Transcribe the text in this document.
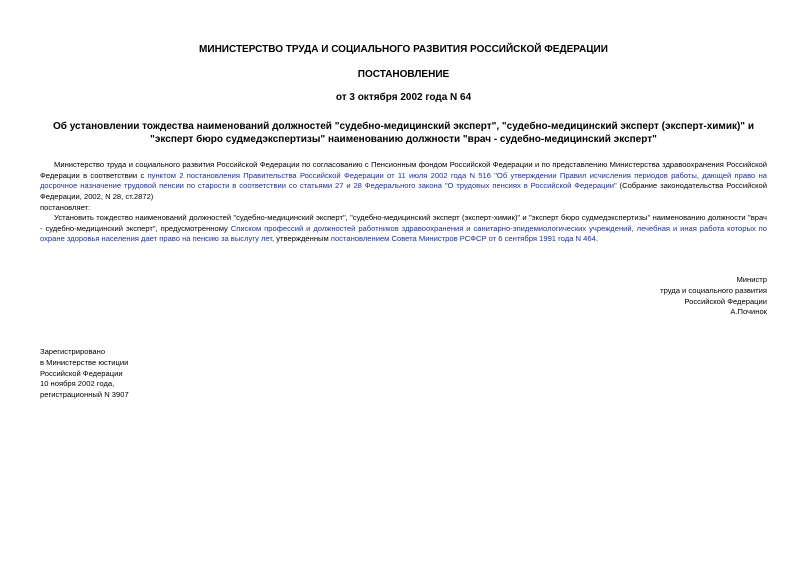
МИНИСТЕРСТВО ТРУДА И СОЦИАЛЬНОГО РАЗВИТИЯ РОССИЙСКОЙ ФЕДЕРАЦИИ
ПОСТАНОВЛЕНИЕ
от 3 октября 2002 года N 64
Об установлении тождества наименований должностей "судебно-медицинский эксперт", "судебно-медицинский эксперт (эксперт-химик)" и "эксперт бюро судмедэкспертизы" наименованию должности "врач - судебно-медицинский эксперт"
Министерство труда и социального развития Российской Федерации по согласованию с Пенсионным фондом Российской Федерации и по представлению Министерства здравоохранения Российской Федерации в соответствии с пунктом 2 постановления Правительства Российской Федерации от 11 июля 2002 года N 516 "Об утверждении Правил исчисления периодов работы, дающей право на досрочное назначение трудовой пенсии по старости в соответствии со статьями 27 и 28 Федерального закона "О трудовых пенсиях в Российской Федерации" (Собрание законодательства Российской Федерации, 2002, N 28, ст.2872)
постановляет:
Установить тождество наименований должностей "судебно-медицинский эксперт", "судебно-медицинский эксперт (эксперт-химик)" и "эксперт бюро судмедэкспертизы" наименованию должности "врач - судебно-медицинский эксперт", предусмотренному Списком профессий и должностей работников здравоохранения и санитарно-эпидемиологических учреждений, лечебная и иная работа которых по охране здоровья населения дает право на пенсию за выслугу лет, утвержденным постановлением Совета Министров РСФСР от 6 сентября 1991 года N 464.
Министр
труда и социального развития
Российской Федерации
А.Починок
Зарегистрировано
в Министерстве юстиции
Российской Федерации
10 ноября 2002 года,
регистрационный N 3907
